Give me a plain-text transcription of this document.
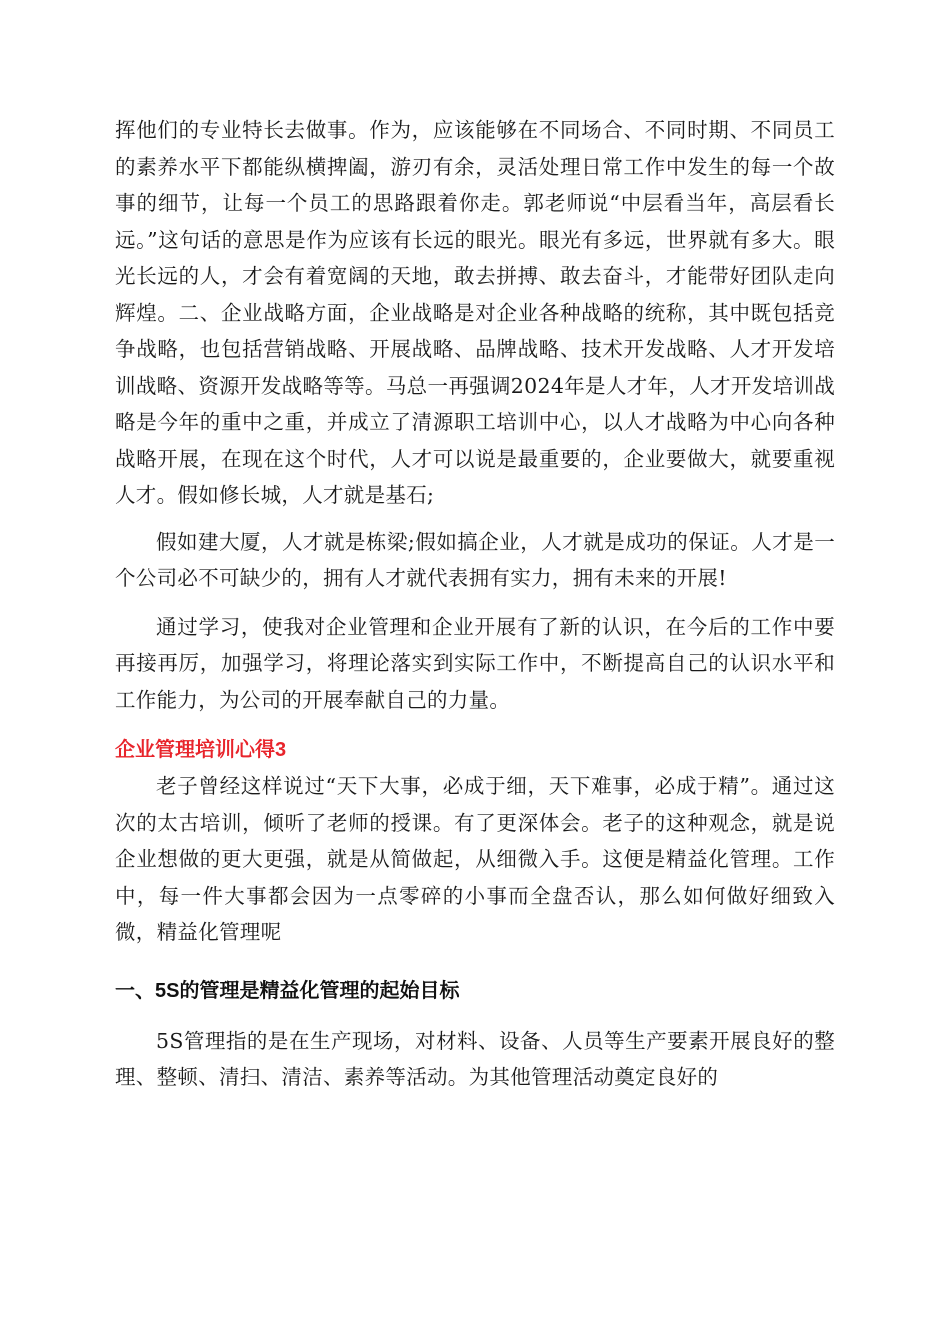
挥他们的专业特长去做事。作为，应该能够在不同场合、不同时期、不同员工的素养水平下都能纵横捭阖，游刃有余，灵活处理日常工作中发生的每一个故事的细节，让每一个员工的思路跟着你走。郭老师说“中层看当年，高层看长远。”这句话的意思是作为应该有长远的眼光。眼光有多远，世界就有多大。眼光长远的人，才会有着宽阔的天地，敢去拼搏、敢去奋斗，才能带好团队走向辉煌。二、企业战略方面，企业战略是对企业各种战略的统称，其中既包括竞争战略，也包括营销战略、开展战略、品牌战略、技术开发战略、人才开发培训战略、资源开发战略等等。马总一再强调2024年是人才年，人才开发培训战略是今年的重中之重，并成立了清源职工培训中心，以人才战略为中心向各种战略开展，在现在这个时代，人才可以说是最重要的，企业要做大，就要重视人才。假如修长城，人才就是基石;

假如建大厦，人才就是栋梁;假如搞企业，人才就是成功的保证。人才是一个公司必不可缺少的，拥有人才就代表拥有实力，拥有未来的开展!

通过学习，使我对企业管理和企业开展有了新的认识，在今后的工作中要再接再厉，加强学习，将理论落实到实际工作中，不断提高自己的认识水平和工作能力，为公司的开展奉献自己的力量。

企业管理培训心得3

老子曾经这样说过“天下大事，必成于细，天下难事，必成于精”。通过这次的太古培训，倾听了老师的授课。有了更深体会。老子的这种观念，就是说企业想做的更大更强，就是从简做起，从细微入手。这便是精益化管理。工作中，每一件大事都会因为一点零碎的小事而全盘否认，那么如何做好细致入微，精益化管理呢

一、5S的管理是精益化管理的起始目标

5S管理指的是在生产现场，对材料、设备、人员等生产要素开展良好的整理、整顿、清扫、清洁、素养等活动。为其他管理活动奠定良好的
